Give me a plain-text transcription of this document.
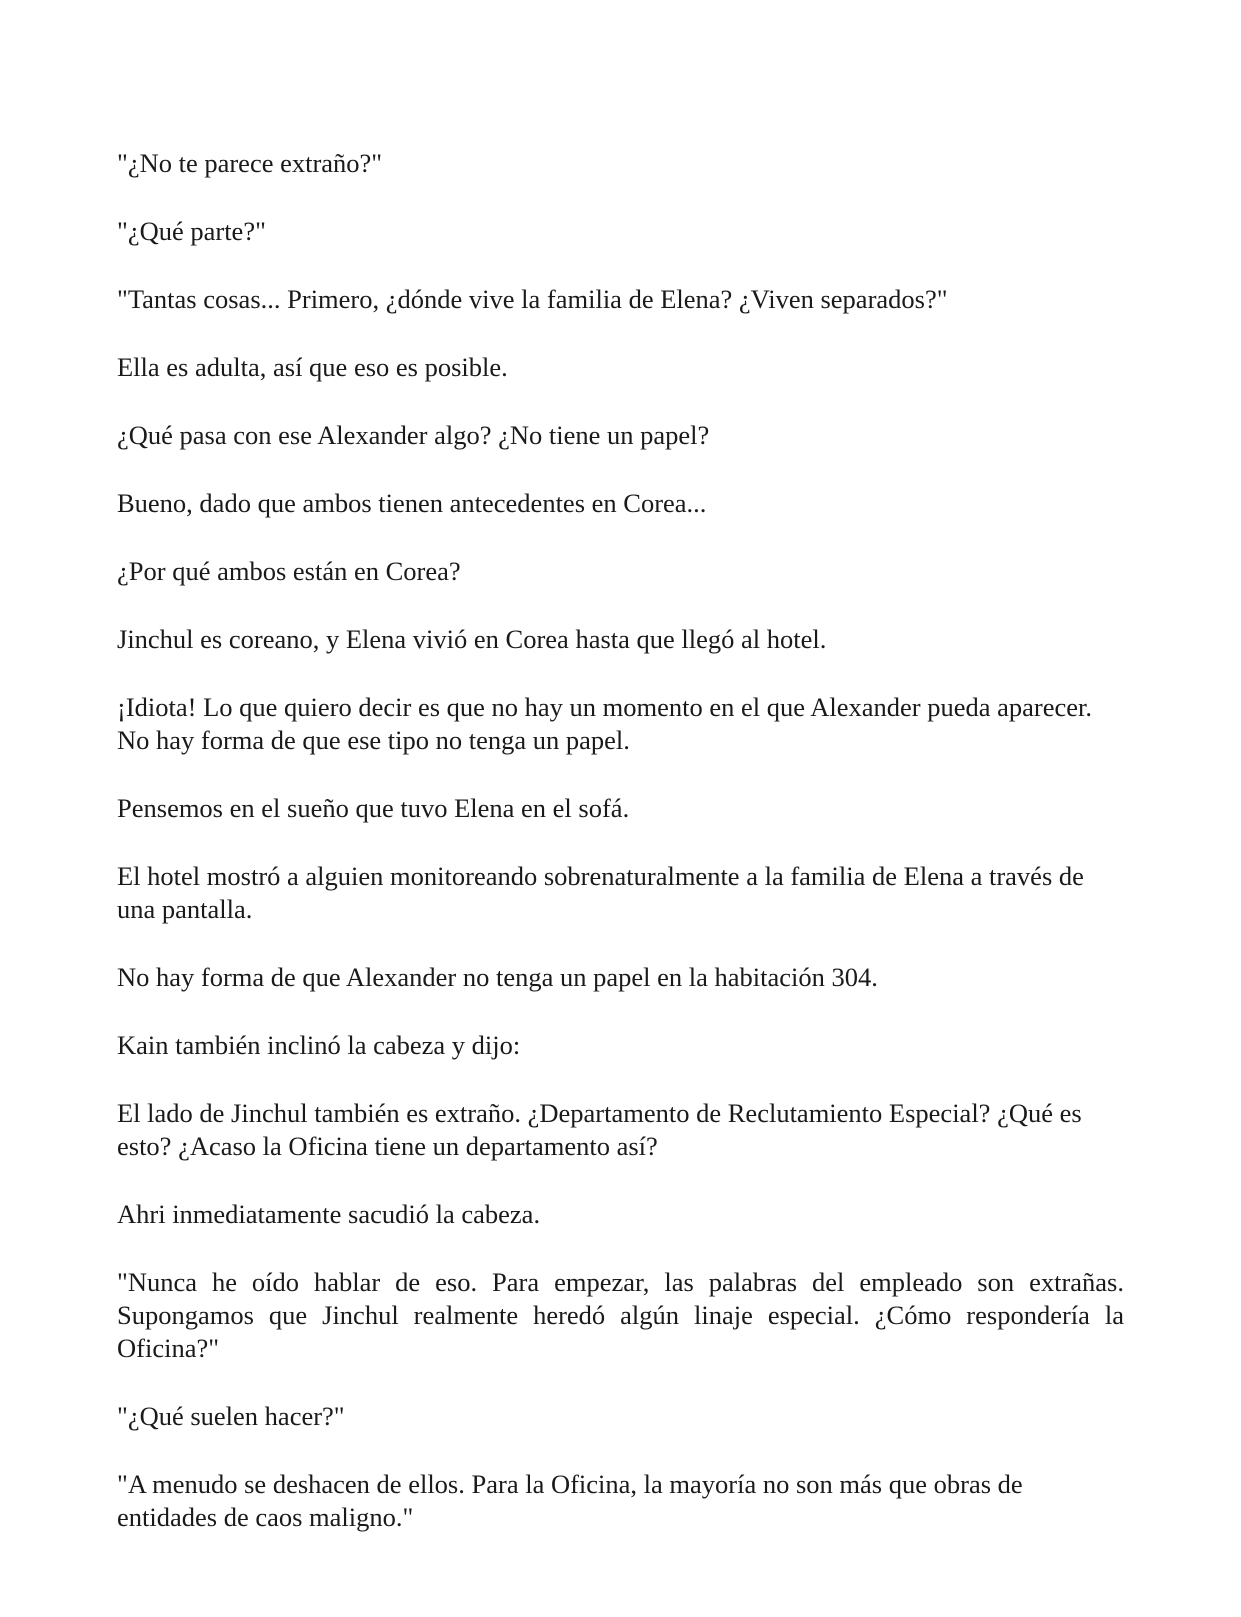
"¿No te parece extraño?"

"¿Qué parte?"

"Tantas cosas... Primero, ¿dónde vive la familia de Elena? ¿Viven separados?"

Ella es adulta, así que eso es posible.

¿Qué pasa con ese Alexander algo? ¿No tiene un papel?

Bueno, dado que ambos tienen antecedentes en Corea...

¿Por qué ambos están en Corea?

Jinchul es coreano, y Elena vivió en Corea hasta que llegó al hotel.

¡Idiota! Lo que quiero decir es que no hay un momento en el que Alexander pueda aparecer. No hay forma de que ese tipo no tenga un papel.

Pensemos en el sueño que tuvo Elena en el sofá.

El hotel mostró a alguien monitoreando sobrenaturalmente a la familia de Elena a través de una pantalla.

No hay forma de que Alexander no tenga un papel en la habitación 304.

Kain también inclinó la cabeza y dijo:

El lado de Jinchul también es extraño. ¿Departamento de Reclutamiento Especial? ¿Qué es esto? ¿Acaso la Oficina tiene un departamento así?

Ahri inmediatamente sacudió la cabeza.

"Nunca he oído hablar de eso. Para empezar, las palabras del empleado son extrañas. Supongamos que Jinchul realmente heredó algún linaje especial. ¿Cómo respondería la Oficina?"

"¿Qué suelen hacer?"

"A menudo se deshacen de ellos. Para la Oficina, la mayoría no son más que obras de entidades de caos maligno."
